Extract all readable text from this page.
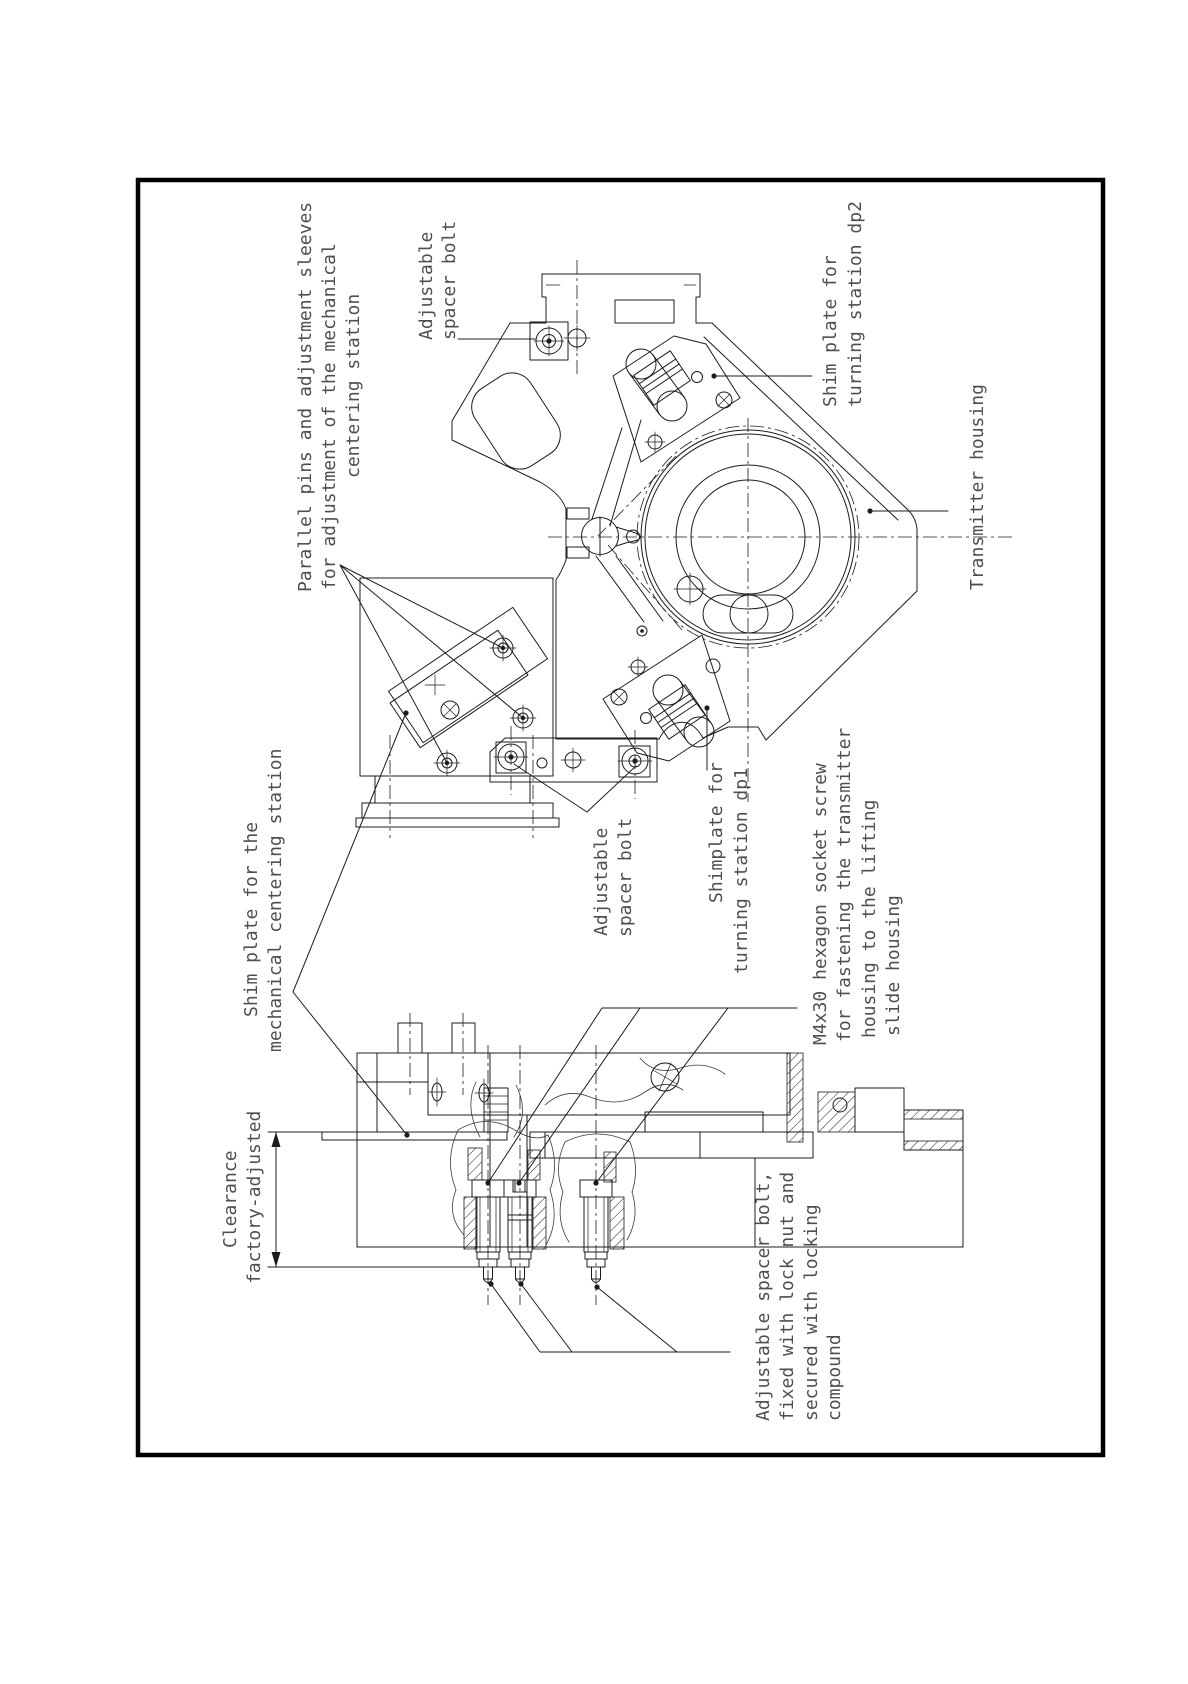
Parallel pins and adjustment sleeves for adjustment of the mechanical centering station
Adjustable spacer bolt	Shim plate for turning station dp2
Transmitter housing
Shim plate for the mechanical centering station	Adjustable spacer bolt	Shimplate for turning station dp1	M4x30 hexagon socket screw for fastening the transmitter housing to the lifting slide housing
Clearance factory-adjusted	Adjustable spacer bolt, fixed with lock nut and secured with locking compound
